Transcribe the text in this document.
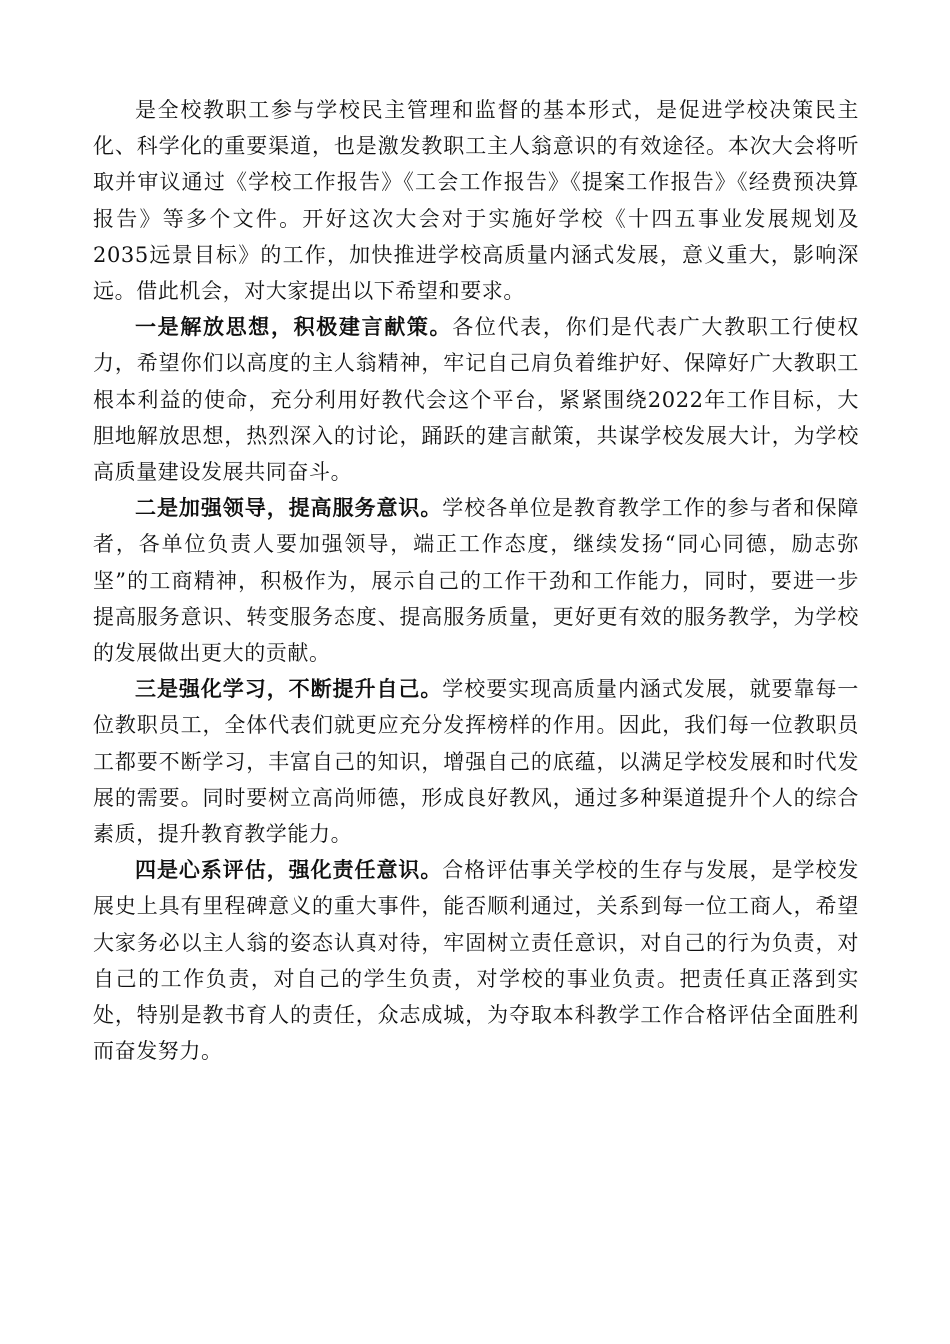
是全校教职工参与学校民主管理和监督的基本形式，是促进学校决策民主化、科学化的重要渠道，也是激发教职工主人翁意识的有效途径。本次大会将听取并审议通过《学校工作报告》《工会工作报告》《提案工作报告》《经费预决算报告》等多个文件。开好这次大会对于实施好学校《十四五事业发展规划及2035远景目标》的工作，加快推进学校高质量内涵式发展，意义重大，影响深远。借此机会，对大家提出以下希望和要求。

一是解放思想，积极建言献策。各位代表，你们是代表广大教职工行使权力，希望你们以高度的主人翁精神，牢记自己肩负着维护好、保障好广大教职工根本利益的使命，充分利用好教代会这个平台，紧紧围绕2022年工作目标，大胆地解放思想，热烈深入的讨论，踊跃的建言献策，共谋学校发展大计，为学校高质量建设发展共同奋斗。

二是加强领导，提高服务意识。学校各单位是教育教学工作的参与者和保障者，各单位负责人要加强领导，端正工作态度，继续发扬“同心同德，励志弥坚”的工商精神，积极作为，展示自己的工作干劲和工作能力，同时，要进一步提高服务意识、转变服务态度、提高服务质量，更好更有效的服务教学，为学校的发展做出更大的贡献。

三是强化学习，不断提升自己。学校要实现高质量内涵式发展，就要靠每一位教职员工，全体代表们就更应充分发挥榜样的作用。因此，我们每一位教职员工都要不断学习，丰富自己的知识，增强自己的底蕴，以满足学校发展和时代发展的需要。同时要树立高尚师德，形成良好教风，通过多种渠道提升个人的综合素质，提升教育教学能力。

四是心系评估，强化责任意识。合格评估事关学校的生存与发展，是学校发展史上具有里程碑意义的重大事件，能否顺利通过，关系到每一位工商人，希望大家务必以主人翁的姿态认真对待，牢固树立责任意识，对自己的行为负责，对自己的工作负责，对自己的学生负责，对学校的事业负责。把责任真正落到实处，特别是教书育人的责任，众志成城，为夺取本科教学工作合格评估全面胜利而奋发努力。
